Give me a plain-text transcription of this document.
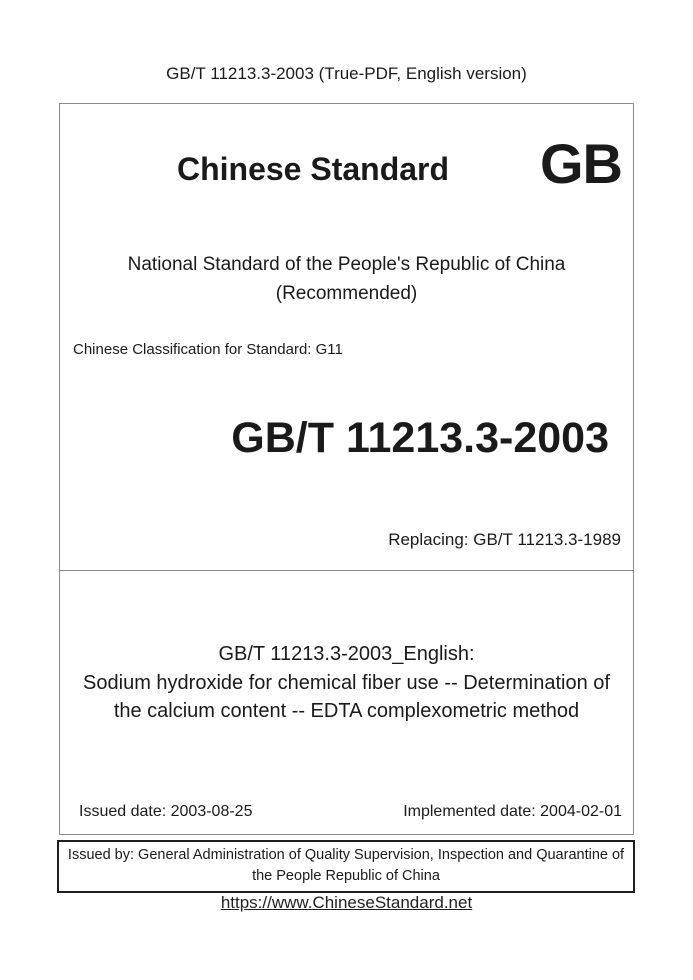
GB/T 11213.3-2003 (True-PDF, English version)
Chinese Standard	GB
National Standard of the People's Republic of China
(Recommended)
Chinese Classification for Standard: G11
GB/T 11213.3-2003
Replacing: GB/T 11213.3-1989
GB/T 11213.3-2003_English:
Sodium hydroxide for chemical fiber use -- Determination of
the calcium content -- EDTA complexometric method
Issued date: 2003-08-25	Implemented date: 2004-02-01
Issued by: General Administration of Quality Supervision, Inspection and Quarantine of
the People Republic of China
https://www.ChineseStandard.net
